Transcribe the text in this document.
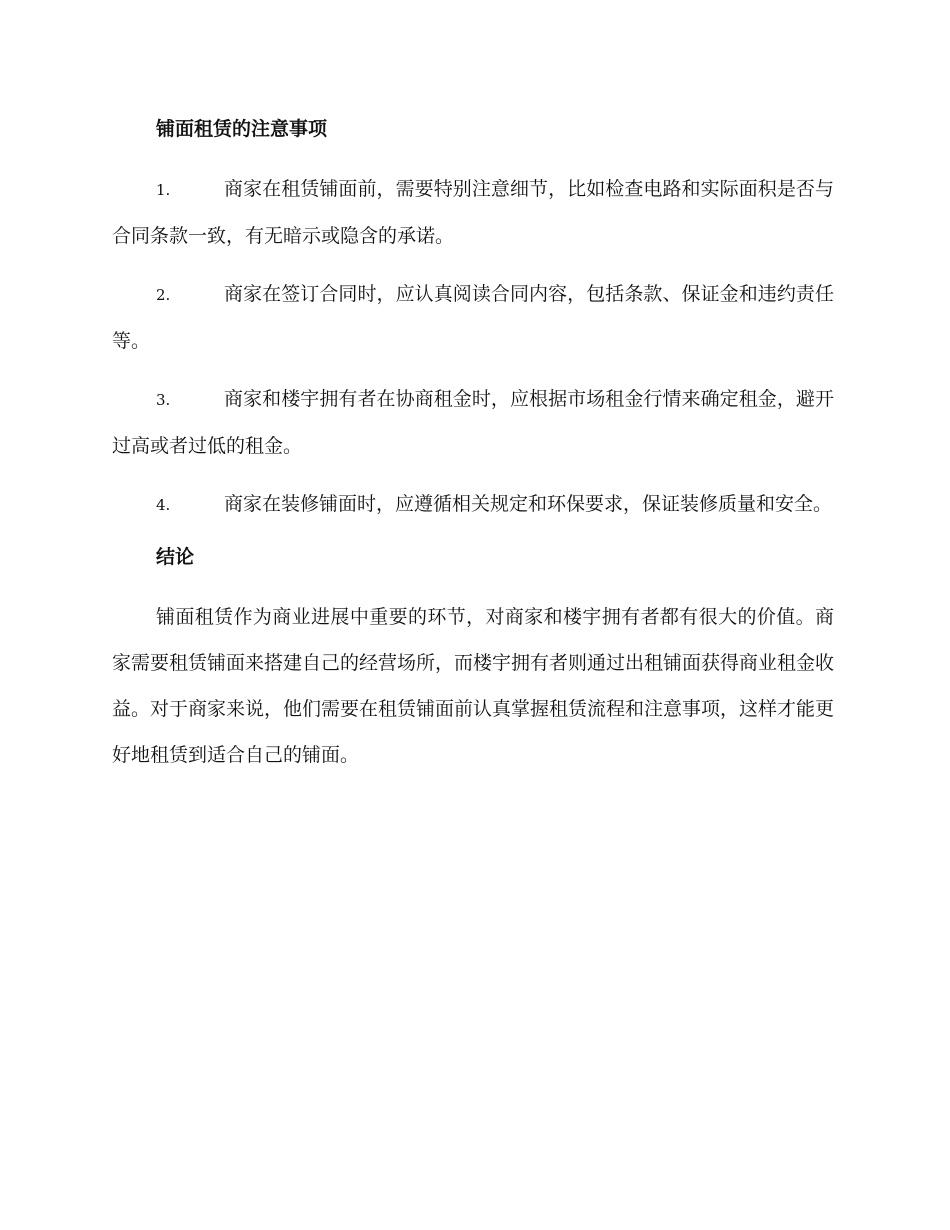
铺面租赁的注意事项
1.	商家在租赁铺面前，需要特别注意细节，比如检查电路和实际面积是否与合同条款一致，有无暗示或隐含的承诺。
2.	商家在签订合同时，应认真阅读合同内容，包括条款、保证金和违约责任等。
3.	商家和楼宇拥有者在协商租金时，应根据市场租金行情来确定租金，避开过高或者过低的租金。
4.	商家在装修铺面时，应遵循相关规定和环保要求，保证装修质量和安全。
结论

铺面租赁作为商业进展中重要的环节，对商家和楼宇拥有者都有很大的价值。商家需要租赁铺面来搭建自己的经营场所，而楼宇拥有者则通过出租铺面获得商业租金收益。对于商家来说，他们需要在租赁铺面前认真掌握租赁流程和注意事项，这样才能更好地租赁到适合自己的铺面。
